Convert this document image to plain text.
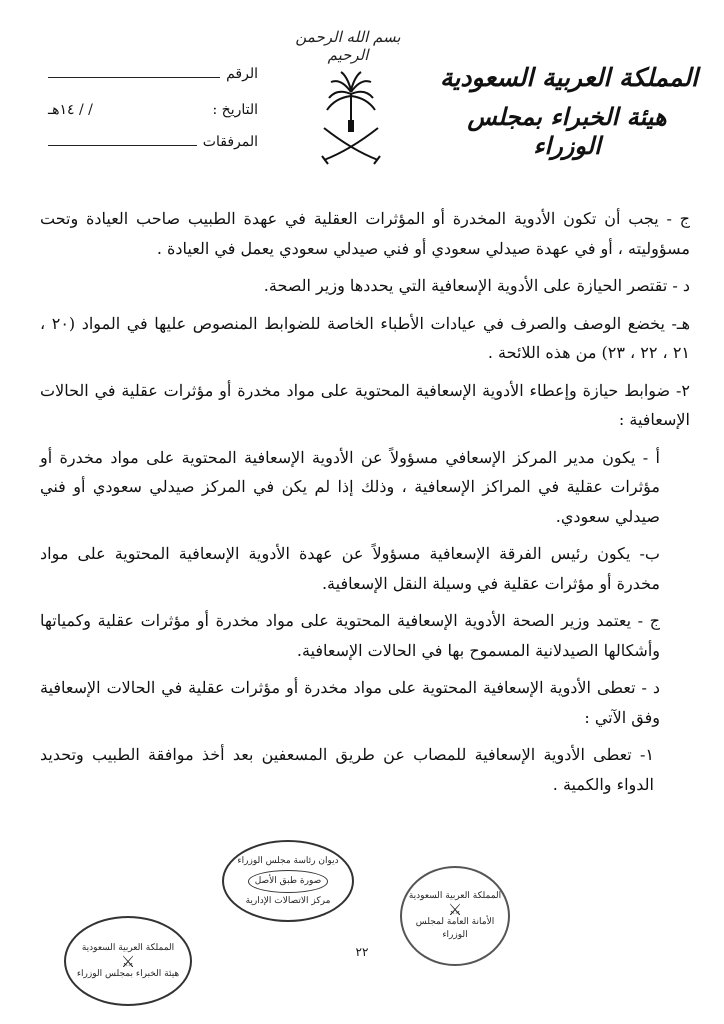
بسم الله الرحمن الرحيم
المملكة العربية السعودية
هيئة الخبراء بمجلس الوزراء
الرقم
التاريخ :
/ / ١٤هـ
المرفقات

ج - يجب أن تكون الأدوية المخدرة أو المؤثرات العقلية في عهدة الطبيب صاحب العيادة وتحت مسؤوليته ، أو في عهدة صيدلي سعودي أو فني صيدلي سعودي يعمل في العيادة .

د - تقتصر الحيازة على الأدوية الإسعافية التي يحددها وزير الصحة.

هـ- يخضع الوصف والصرف في عيادات الأطباء الخاصة للضوابط المنصوص عليها في المواد (٢٠ ، ٢١ ، ٢٢ ، ٢٣) من هذه اللائحة .

٢- ضوابط حيازة وإعطاء الأدوية الإسعافية المحتوية على مواد مخدرة أو مؤثرات عقلية في الحالات الإسعافية :

أ - يكون مدير المركز الإسعافي مسؤولاً عن الأدوية الإسعافية المحتوية على مواد مخدرة أو مؤثرات عقلية في المراكز الإسعافية ، وذلك إذا لم يكن في المركز صيدلي سعودي أو فني صيدلي سعودي.

ب- يكون رئيس الفرقة الإسعافية مسؤولاً عن عهدة الأدوية الإسعافية المحتوية على مواد مخدرة أو مؤثرات عقلية في وسيلة النقل الإسعافية.

ج - يعتمد وزير الصحة الأدوية الإسعافية المحتوية على مواد مخدرة أو مؤثرات عقلية وكمياتها وأشكالها الصيدلانية المسموح بها في الحالات الإسعافية.

د - تعطى الأدوية الإسعافية المحتوية على مواد مخدرة أو مؤثرات عقلية في الحالات الإسعافية وفق الآتي :

١- تعطى الأدوية الإسعافية للمصاب عن طريق المسعفين بعد أخذ موافقة الطبيب وتحديد الدواء والكمية .

ديوان رئاسة مجلس الوزراء
صورة طبق الأصل
مركز الاتصالات الإدارية	المملكة العربية السعودية
⚔
الأمانة العامة لمجلس الوزراء
المملكة العربية السعودية
⚔
هيئة الخبراء بمجلس الوزراء
٢٢
